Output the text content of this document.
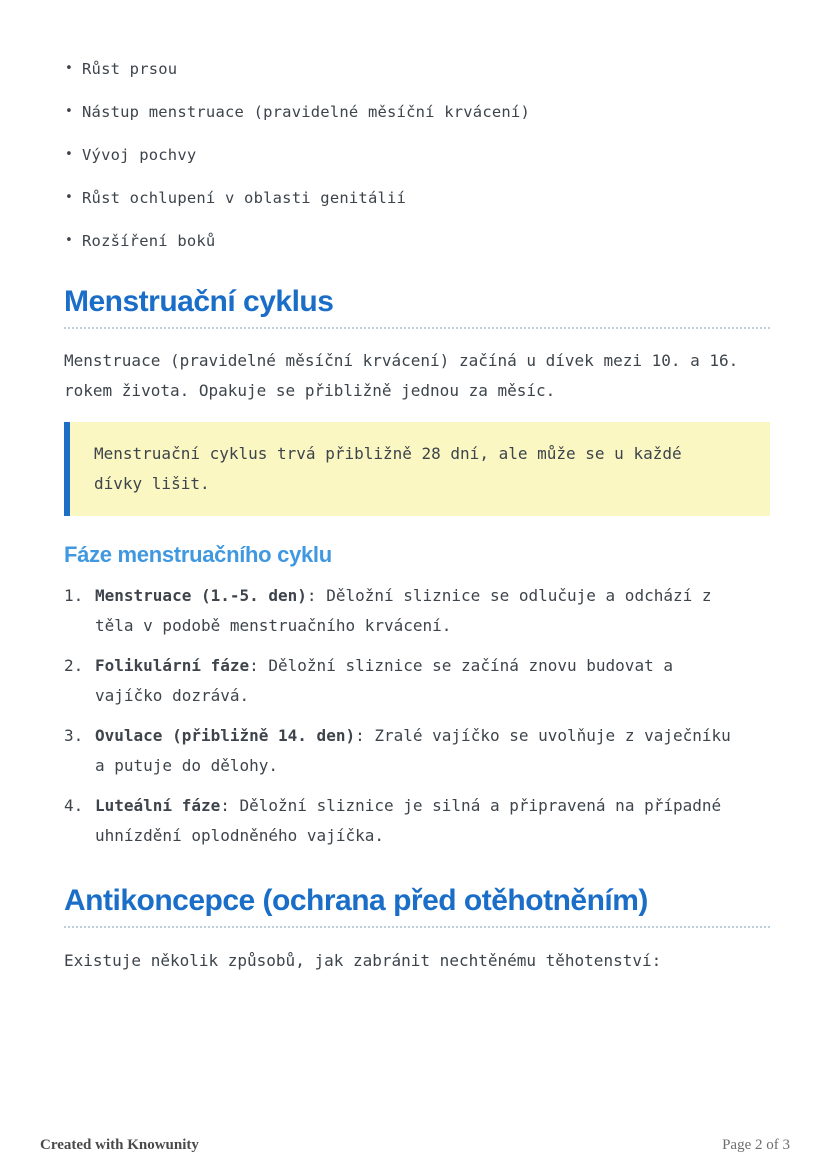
• Růst prsou
• Nástup menstruace (pravidelné měsíční krvácení)
• Vývoj pochvy
• Růst ochlupení v oblasti genitálií
• Rozšíření boků
Menstruační cyklus

Menstruace (pravidelné měsíční krvácení) začíná u dívek mezi 10. a 16. rokem života. Opakuje se přibližně jednou za měsíc.

Menstruační cyklus trvá přibližně 28 dní, ale může se u každé dívky lišit.
Fáze menstruačního cyklu
1. Menstruace (1.-5. den): Děložní sliznice se odlučuje a odchází z těla v podobě menstruačního krvácení.
2. Folikulární fáze: Děložní sliznice se začíná znovu budovat a vajíčko dozrává.
3. Ovulace (přibližně 14. den): Zralé vajíčko se uvolňuje z vaječníku a putuje do dělohy.
4. Luteální fáze: Děložní sliznice je silná a připravená na případné uhnízdění oplodněného vajíčka.
Antikoncepce (ochrana před otěhotněním)

Existuje několik způsobů, jak zabránit nechtěnému těhotenství:

Created with Knowunity	Page 2 of 3
